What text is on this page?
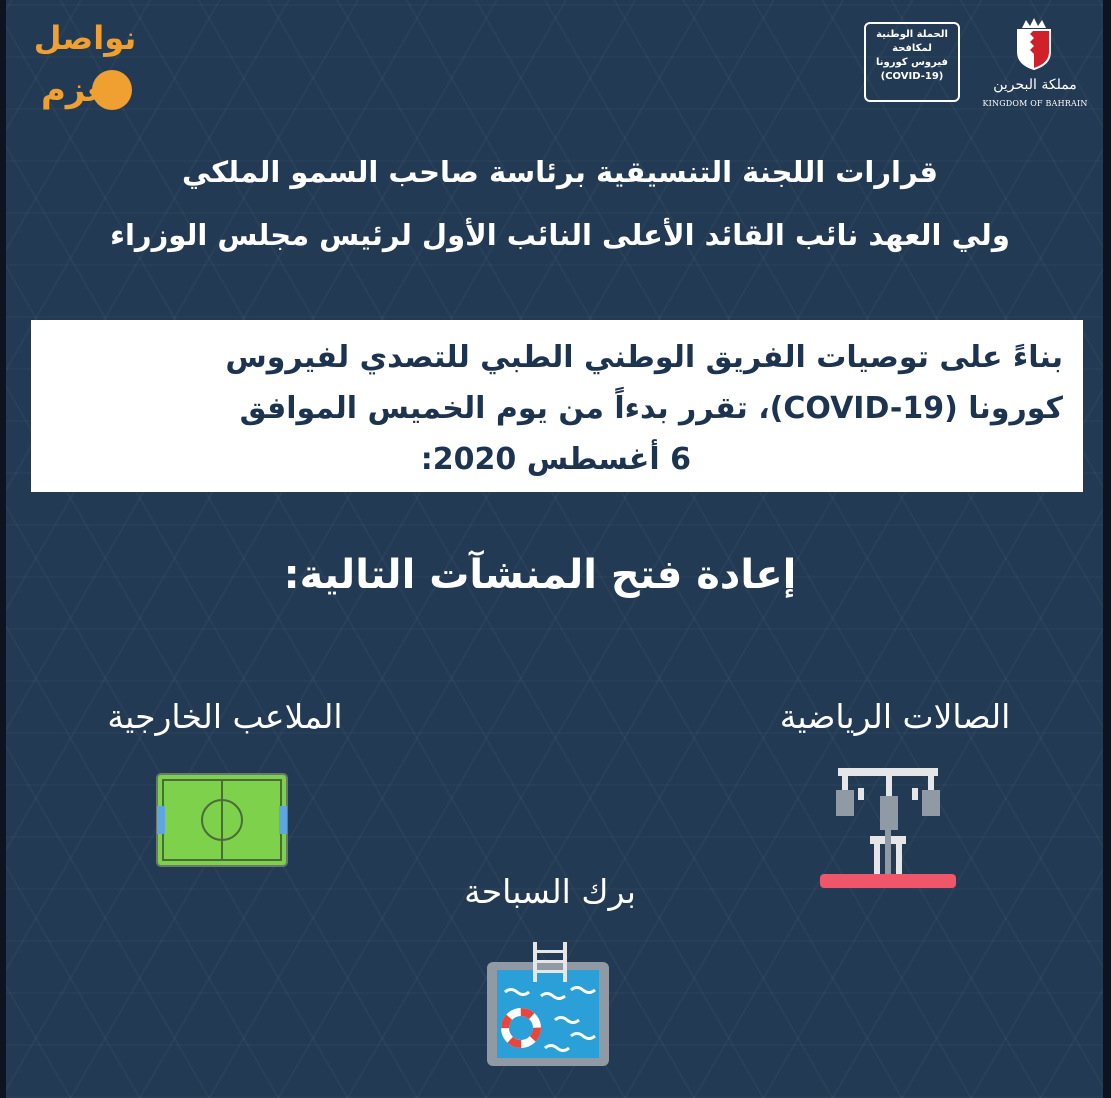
نواصل
بعزم
الحملة الوطنية
لمكافحة
فيروس كورونا
(COVID-19)
مملكة البحرين
KINGDOM OF BAHRAIN
قرارات اللجنة التنسيقية برئاسة صاحب السمو الملكي
ولي العهد نائب القائد الأعلى النائب الأول لرئيس مجلس الوزراء
بناءً على توصيات الفريق الوطني الطبي للتصدي لفيروس
كورونا (COVID-19)، تقرر بدءاً من يوم الخميس الموافق
6 أغسطس 2020:
إعادة فتح المنشآت التالية:
الصالات الرياضية
الملاعب الخارجية
برك السباحة
